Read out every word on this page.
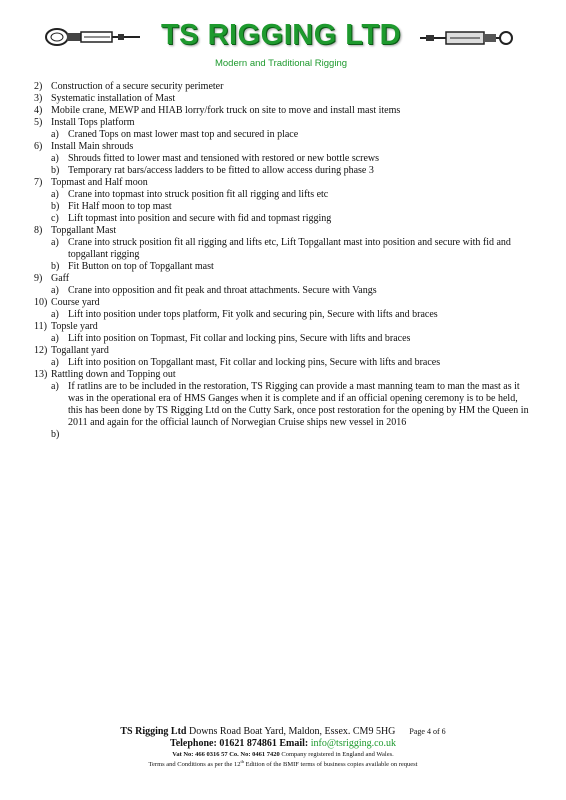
TS RIGGING LTD
Modern and Traditional Rigging
2) Construction of a secure security perimeter
3) Systematic installation of Mast
4) Mobile crane, MEWP and HIAB lorry/fork truck on site to move and install mast items
5) Install Tops platform
a) Craned Tops on mast lower mast top and secured in place
6) Install Main shrouds
a) Shrouds fitted to lower mast and tensioned with restored or new bottle screws
b) Temporary rat bars/access ladders to be fitted to allow access during phase 3
7) Topmast and Half moon
a) Crane into topmast into struck position fit all rigging and lifts etc
b) Fit Half moon to top mast
c) Lift topmast into position and secure with fid and topmast rigging
8) Topgallant Mast
a) Crane into struck position fit all rigging and lifts etc, Lift Topgallant mast into position and secure with fid and topgallant rigging
b) Fit Button on top of Topgallant mast
9) Gaff
a) Crane into opposition and fit peak and throat attachments. Secure with Vangs
10) Course yard
a) Lift into position under tops platform, Fit yolk and securing pin, Secure with lifts and braces
11) Topsle yard
a) Lift into position on Topmast, Fit collar and locking pins, Secure with lifts and braces
12) Togallant yard
a) Lift into position on Topgallant mast, Fit collar and locking pins, Secure with lifts and braces
13) Rattling down and Topping out
a) If ratlins are to be included in the restoration, TS Rigging can provide a mast manning team to man the mast as it was in the operational era of HMS Ganges when it is complete and if an official opening ceremony is to be held, this has been done by TS Rigging Ltd on the Cutty Sark, once post restoration for the opening by HM the Queen in 2011 and again for the official launch of Norwegian Cruise ships new vessel in 2016
b)
TS Rigging Ltd Downs Road Boat Yard, Maldon, Essex. CM9 5HG Page 4 of 6
Telephone: 01621 874861 Email: info@tsrigging.co.uk
Vat No: 466 0316 57 Co. No: 0461 7420 Company registered in England and Wales.
Terms and Conditions as per the 12th Edition of the BMIF terms of business copies available on request
